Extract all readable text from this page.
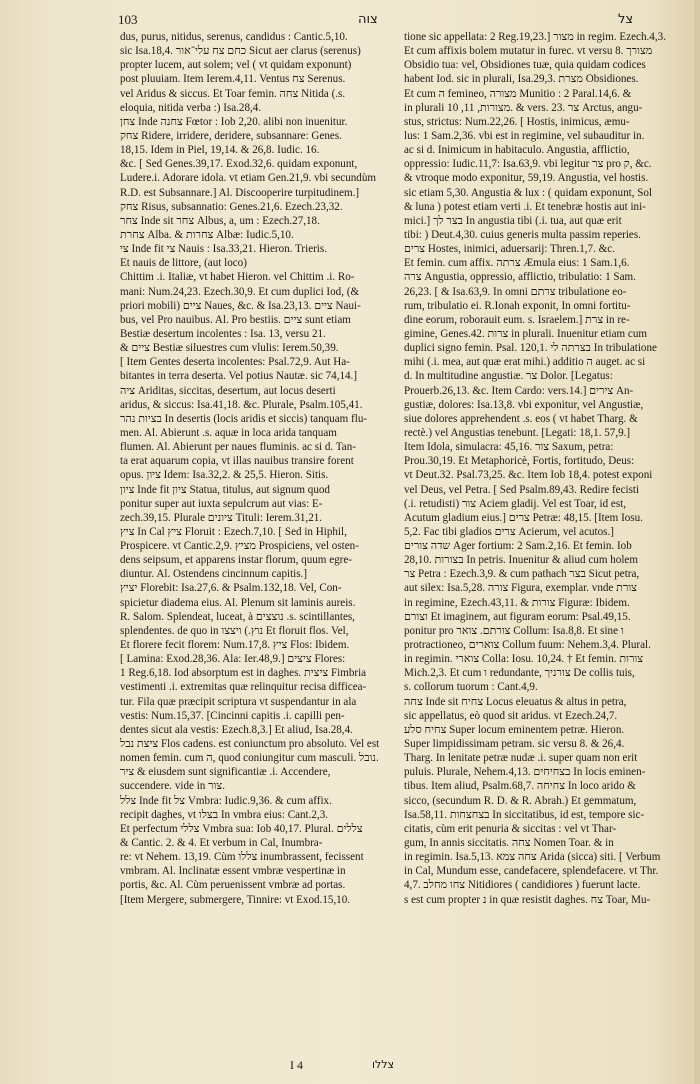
103	צוה	צל
dus, purus, nitidus, serenus, candidus : Cantic.5,10.
sic Isa.18,4. כחם צח עלי־אור Sicut aer clarus (serenus)
propter lucem, aut solem; vel ( vt quidam exponunt)
post pluuiam. Item Ierem.4,11. Ventus צח Serenus.
vel Aridus & siccus. Et Toar femin. צחה Nitida (.s.
eloquia, nitida verba :) Isa.28,4.
צחן Inde צחנה Fœtor : Iob 2,20. alibi non inuenitur.
צחק Ridere, irridere, deridere, subsannare: Genes.
18,15. Idem in Piel, 19,14. & 26,8. Iudic. 16.
&c. [ Sed Genes.39,17. Exod.32,6. quidam exponunt,
Ludere.i. Adorare idola. vt etiam Gen.21,9. vbi secundùm
R.D. est Subsannare.] Al. Discooperire turpitudinem.]
צחק Risus, subsannatio: Genes.21,6. Ezech.23,32.
צחר Inde sit צחר Albus, a, um : Ezech.27,18.
צחרת Alba. & צחרות Albæ: Iudic.5,10.
צי Inde fit צי Nauis : Isa.33,21. Hieron. Trieris.
Et nauis de littore, (aut loco)
Chittim .i. Italiæ, vt habet Hieron. vel Chittim .i. Ro-
mani: Num.24,23. Ezech.30,9. Et cum duplici Iod, (&
priori mobili) ציים Naues, &c. & Isa.23,13. ציים Naui-
bus, vel Pro nauibus. Al. Pro bestiis. ציים sunt etiam
Bestiæ desertum incolentes : Isa. 13, versu 21.
& ציים Bestiæ siluestres cum vlulis: Ierem.50,39.
[ Item Gentes deserta incolentes: Psal.72,9. Aut Ha-
bitantes in terra deserta. Vel potius Nautæ. sic 74,14.]
ציה Ariditas, siccitas, desertum, aut locus deserti
aridus, & siccus: Isa.41,18. &c. Plurale, Psalm.105,41.
בציות נהר In desertis (locis aridis et siccis) tanquam flu-
men. Al. Abierunt .s. aquæ in loca arida tanquam
flumen. Al. Abierunt per naues fluminis. ac si d. Tan-
ta erat aquarum copia, vt illas nauibus transire forent
opus. ציון Idem: Isa.32,2. & 25,5. Hieron. Sitis.
ציון Inde fit ציון Statua, titulus, aut signum quod
ponitur super aut iuxta sepulcrum aut vias: E-
zech.39,15. Plurale ציונים Tituli: Ierem.31,21.
ציץ In Cal ציץ Floruit : Ezech.7,10. [ Sed in Hiphil,
Prospicere. vt Cantic.2,9. מציץ Prospiciens, vel osten-
dens seipsum, et apparens instar florum, quum egre-
diuntur. Al. Ostendens cincinnum capitis.]
יציץ Florebit: Isa.27,6. & Psalm.132,18. Vel, Con-
spicietur diadema eius. Al. Plenum sit laminis aureis.
R. Salom. Splendeat, luceat, à נוצצים .s. scintillantes,
splendentes. de quo in נוץ.) ויצצו Et floruit flos. Vel,
Et florere fecit florem: Num.17,8. ציץ Flos: Ibidem.
[ Lamina: Exod.28,36. Ala: Ier.48,9.] ציצים Flores:
1 Reg.6,18. Iod absorptum est in daghes. ציצית Fimbria
vestimenti .i. extremitas quæ relinquitur recisa difficea-
tur. Fila quæ præcipit scriptura vt suspendantur in ala
vestis: Num.15,37. [Cincinni capitis .i. capilli pen-
dentes sicut ala vestis: Ezech.8,3.] Et aliud, Isa.28,4.
ציצת נבל Flos cadens. est coniunctum pro absoluto. Vel est
nomen femin. cum ה, quod coniungitur cum masculi. נובל.
ציר & eiusdem sunt significantiæ .i. Accendere,
succendere. vide in צור.
צלל Inde fit צל Vmbra: Iudic.9,36. & cum affix.
recipit daghes, vt בצלו In vmbra eius: Cant.2,3.
Et perfectum צללי Vmbra sua: Iob 40,17. Plural. צללים
& Cantic. 2. & 4. Et verbum in Cal, Inumbra-
re: vt Nehem. 13,19. Cùm צללו inumbrassent, fecissent
vmbram. Al. Inclinatæ essent vmbræ vespertinæ in
portis, &c. Al. Cùm peruenissent vmbræ ad portas.
[Item Mergere, submergere, Tinnire: vt Exod.15,10.
tione sic appellata: 2 Reg.19,23.] מצור in regim. Ezech.4,3.
Et cum affixis bolem mutatur in furec. vt versu 8. מצורך
Obsidio tua: vel, Obsidiones tuæ, quia quidam codices
habent Iod. sic in plurali, Isa.29,3. מצרת Obsidiones.
Et cum ה femineo, מצורה Munitio : 2 Paral.14,6. &
in plurali מצורות, 11, 10. & vers. 23. צר Arctus, angu-
stus, strictus: Num.22,26. [ Hostis, inimicus, æmu-
lus: 1 Sam.2,36. vbi est in regimine, vel subauditur in.
ac si d. Inimicum in habitaculo. Angustia, afflictio,
oppressio: Iudic.11,7: Isa.63,9. vbi legitur צר pro ק, &c.
& vtroque modo exponitur, 59,19. Angustia, vel hostis.
sic etiam 5,30. Angustia & lux : ( quidam exponunt, Sol
& luna ) potest etiam verti .i. Et tenebræ hostis aut ini-
mici.] בצר לך In angustia tibi (.i. tua, aut quæ erit
tibi: ) Deut.4,30. cuius generis multa passim reperies.
צרים Hostes, inimici, aduersarij: Thren.1,7. &c.
Et femin. cum affix. צרתה Æmula eius: 1 Sam.1,6.
צרה Angustia, oppressio, afflictio, tribulatio: 1 Sam.
26,23. [ & Isa.63,9. In omni צרתם tribulatione eo-
rum, tribulatio ei. R.Ionah exponit, In omni fortitu-
dine eorum, roborauit eum. s. Israelem.] צרת in re-
gimine, Genes.42. צרות in plurali. Inuenitur etiam cum
duplici signo femin. Psal. 120,1. בצרתה לי In tribulatione
mihi (.i. mea, aut quæ erat mihi.) additio ה auget. ac si
d. In multitudine angustiæ. צר Dolor. [Legatus:
Prouerb.26,13. &c. Item Cardo: vers.14.] צירים An-
gustiæ, dolores: Isa.13,8. vbi exponitur, vel Angustiæ,
siue dolores apprehendent .s. eos ( vt habet Tharg. &
rectè.) vel Angustias tenebunt. [Legati: 18,1. 57,9.]
Item Idola, simulacra: 45,16. צור Saxum, petra:
Prou.30,19. Et Metaphoricè, Fortis, fortitudo, Deus:
vt Deut.32. Psal.73,25. &c. Item Iob 18,4. potest exponi
vel Deus, vel Petra. [ Sed Psalm.89,43. Redire fecisti
(.i. retudisti) צור Aciem gladij. Vel est Toar, id est,
Acutum gladium eius.] צרים Petræ: 48,15. [Item Iosu.
5,2. Fac tibi gladios צרים Acierum, vel acutos.]
שדה צורים Ager fortium: 2 Sam.2,16. Et femin. Iob
28,10. בצורות In petris. Inuenitur & aliud cum holem
צר Petra : Ezech.3,9. & cum pathach בצר Sicut petra,
aut silex: Isa.5,28. צורה Figura, exemplar. vnde צורת
in regimine, Ezech.43,11. & צורות Figuræ: Ibidem.
וצורם Et imaginem, aut figuram eorum: Psal.49,15.
ponitur pro צורתם. צואר Collum: Isa.8,8. Et sine ו
protractioneo, צוארים Collum fuum: Nehem.3,4. Plural.
in regimin. צוארי Colla: Iosu. 10,24. † Et femin. צורות
Mich.2,3. Et cum ו redundante, צורניך De collis tuis,
s. collorum tuorum : Cant.4,9.
צחה Inde sit צחיח Locus eleuatus & altus in petra,
sic appellatus, eò quod sit aridus. vt Ezech.24,7.
צחיח סלע Super locum eminentem petræ. Hieron.
Super limpidissimam petram. sic versu 8. & 26,4.
Tharg. In lenitate petræ nudæ .i. super quam non erit
puluis. Plurale, Nehem.4,13. בצחיחים In locis eminen-
tibus. Item aliud, Psalm.68,7. צחיחה In loco arido &
sicco, (secundum R. D. & R. Abrah.) Et gemmatum,
Isa.58,11. בצחצחות In siccitatibus, id est, tempore sic-
citatis, cùm erit penuria & siccitas : vel vt Thar-
gum, In annis siccitatis. צחה Nomen Toar. & in
in regimin. Isa.5,13. צחה צמא Arida (sicca) siti. [ Verbum
in Cal, Mundum esse, candefacere, splendefacere. vt Thr.
4,7. צחו מחלב Nitidiores ( candidiores ) fuerunt lacte.
s est cum propter נ in quæ resistit daghes. צח Toar, Mu-
I 4	צללו
